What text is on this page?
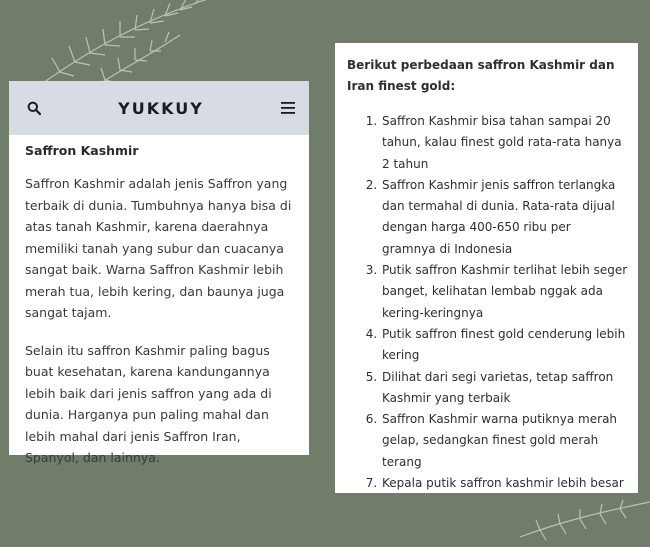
YUKKUY
Saffron Kashmir

Saffron Kashmir adalah jenis Saffron yang terbaik di dunia. Tumbuhnya hanya bisa di atas tanah Kashmir, karena daerahnya memiliki tanah yang subur dan cuacanya sangat baik. Warna Saffron Kashmir lebih merah tua, lebih kering, dan baunya juga sangat tajam.

Selain itu saffron Kashmir paling bagus buat kesehatan, karena kandungannya lebih baik dari jenis saffron yang ada di dunia. Harganya pun paling mahal dan lebih mahal dari jenis Saffron Iran, Spanyol, dan lainnya.

Berikut perbedaan saffron Kashmir dan Iran finest gold:
1. Saffron Kashmir bisa tahan sampai 20 tahun, kalau finest gold rata-rata hanya 2 tahun
2. Saffron Kashmir jenis saffron terlangka dan termahal di dunia. Rata-rata dijual dengan harga 400-650 ribu per gramnya di Indonesia
3. Putik saffron Kashmir terlihat lebih seger banget, kelihatan lembab nggak ada kering-keringnya
4. Putik saffron finest gold cenderung lebih kering
5. Dilihat dari segi varietas, tetap saffron Kashmir yang terbaik
6. Saffron Kashmir warna putiknya merah gelap, sedangkan finest gold merah terang
7. Kepala putik saffron kashmir lebih besar
